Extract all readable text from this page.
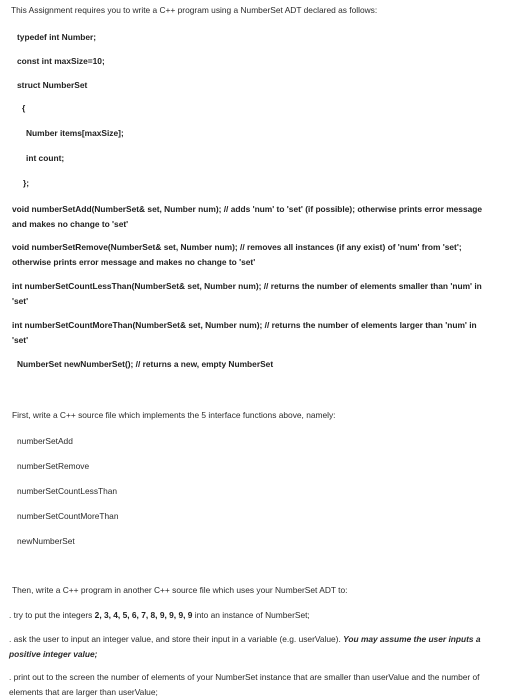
This Assignment requires you to write a C++ program using a NumberSet ADT declared as follows:
typedef int Number;
const int maxSize=10;
struct NumberSet
{
Number items[maxSize];
int count;
};
void numberSetAdd(NumberSet& set, Number num); // adds 'num' to 'set' (if possible); otherwise prints error message and makes no change to 'set'
void numberSetRemove(NumberSet& set, Number num); // removes all instances (if any exist) of 'num' from 'set'; otherwise prints error message and makes no change to 'set'
int numberSetCountLessThan(NumberSet& set, Number num); // returns the number of elements smaller than 'num' in 'set'
int numberSetCountMoreThan(NumberSet& set, Number num); // returns the number of elements larger than 'num' in 'set'
NumberSet newNumberSet(); // returns a new, empty NumberSet
First, write a C++ source file which implements the 5 interface functions above, namely:
numberSetAdd
numberSetRemove
numberSetCountLessThan
numberSetCountMoreThan
newNumberSet
Then, write a C++ program in another C++ source file which uses your NumberSet ADT to:
. try to put the integers 2, 3, 4, 5, 6, 7, 8, 9, 9, 9, 9 into an instance of NumberSet;
. ask the user to input an integer value, and store their input in a variable (e.g. userValue). You may assume the user inputs a positive integer value;
. print out to the screen the number of elements of your NumberSet instance that are smaller than userValue and the number of elements that are larger than userValue;
